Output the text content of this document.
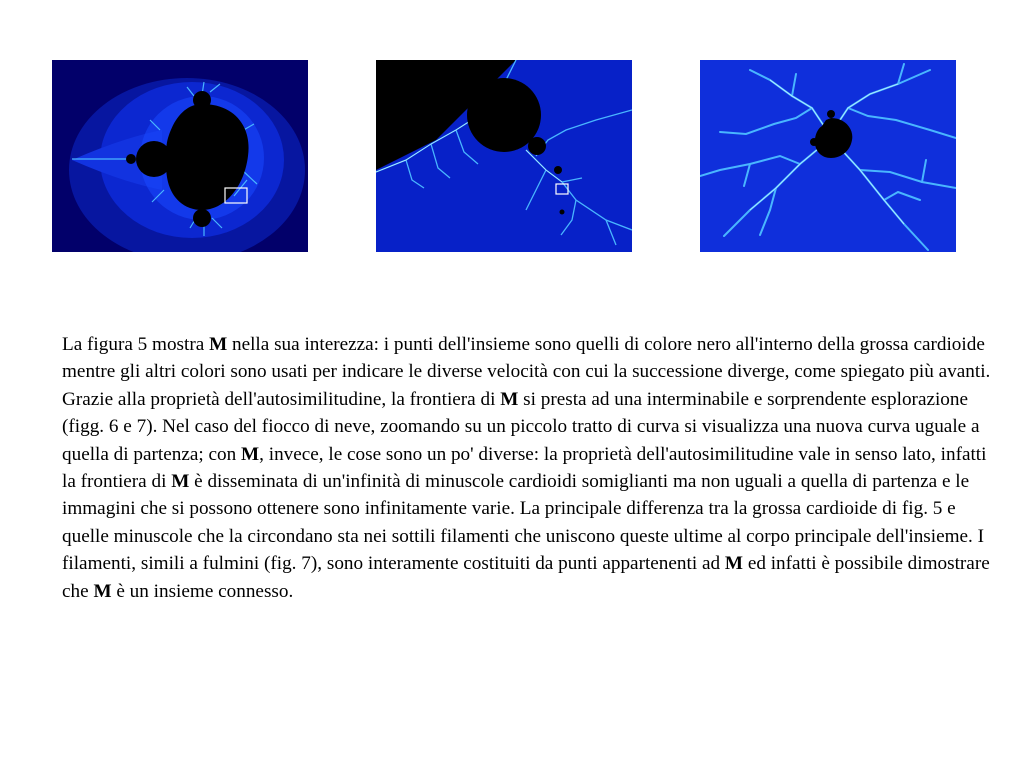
La figura 5 mostra M nella sua interezza: i punti dell'insieme sono quelli di colore nero all'interno della grossa cardioide mentre gli altri colori sono usati per indicare le diverse velocità con cui la successione diverge, come spiegato più avanti. Grazie alla proprietà dell'autosimilitudine, la frontiera di M si presta ad una interminabile e sorprendente esplorazione (figg. 6 e 7). Nel caso del fiocco di neve, zoomando su un piccolo tratto di curva si visualizza una nuova curva uguale a quella di partenza; con M, invece, le cose sono un po' diverse: la proprietà dell'autosimilitudine vale in senso lato, infatti la frontiera di M è disseminata di un'infinità di minuscole cardioidi somiglianti ma non uguali a quella di partenza e le immagini che si possono ottenere sono infinitamente varie. La principale differenza tra la grossa cardioide di fig. 5 e quelle minuscole che la circondano sta nei sottili filamenti che uniscono queste ultime al corpo principale dell'insieme. I filamenti, simili a fulmini (fig. 7), sono interamente costituiti da punti appartenenti ad M ed infatti è possibile dimostrare che M è un insieme connesso.
